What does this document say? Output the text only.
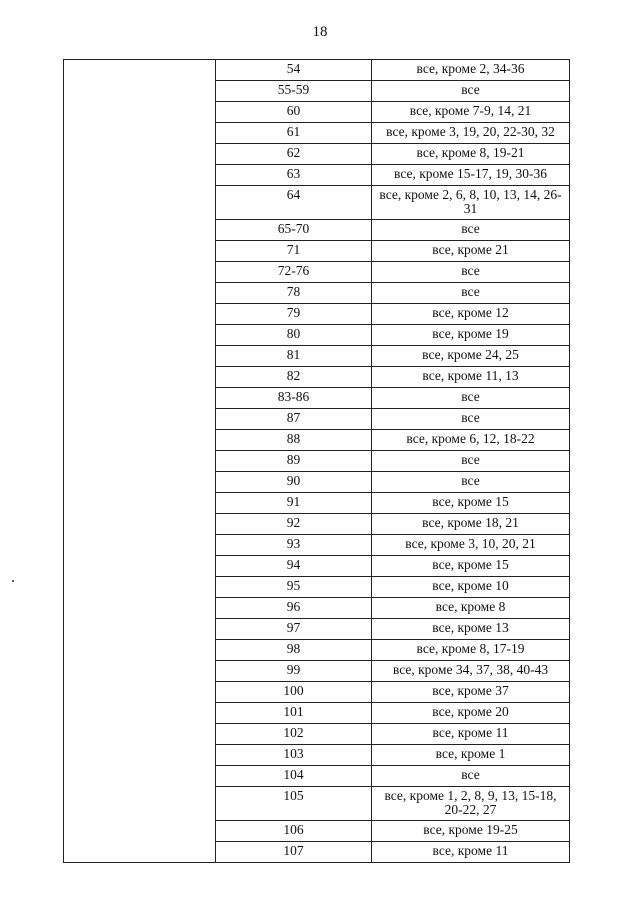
18
	54	все, кроме 2, 34-36
	55-59	все
	60	все, кроме 7-9, 14, 21
	61	все, кроме 3, 19, 20, 22-30, 32
	62	все, кроме 8, 19-21
	63	все, кроме 15-17, 19, 30-36
	64	все, кроме 2, 6, 8, 10, 13, 14, 26-31
	65-70	все
	71	все, кроме 21
	72-76	все
	78	все
	79	все, кроме 12
	80	все, кроме 19
	81	все, кроме 24, 25
	82	все, кроме 11, 13
	83-86	все
	87	все
	88	все, кроме 6, 12, 18-22
	89	все
	90	все
	91	все, кроме 15
	92	все, кроме 18, 21
	93	все, кроме 3, 10, 20, 21
	94	все, кроме 15
	95	все, кроме 10
	96	все, кроме 8
	97	все, кроме 13
	98	все, кроме 8, 17-19
	99	все, кроме 34, 37, 38, 40-43
	100	все, кроме 37
	101	все, кроме 20
	102	все, кроме 11
	103	все, кроме 1
	104	все
	105	все, кроме 1, 2, 8, 9, 13, 15-18, 20-22, 27
	106	все, кроме 19-25
	107	все, кроме 11
